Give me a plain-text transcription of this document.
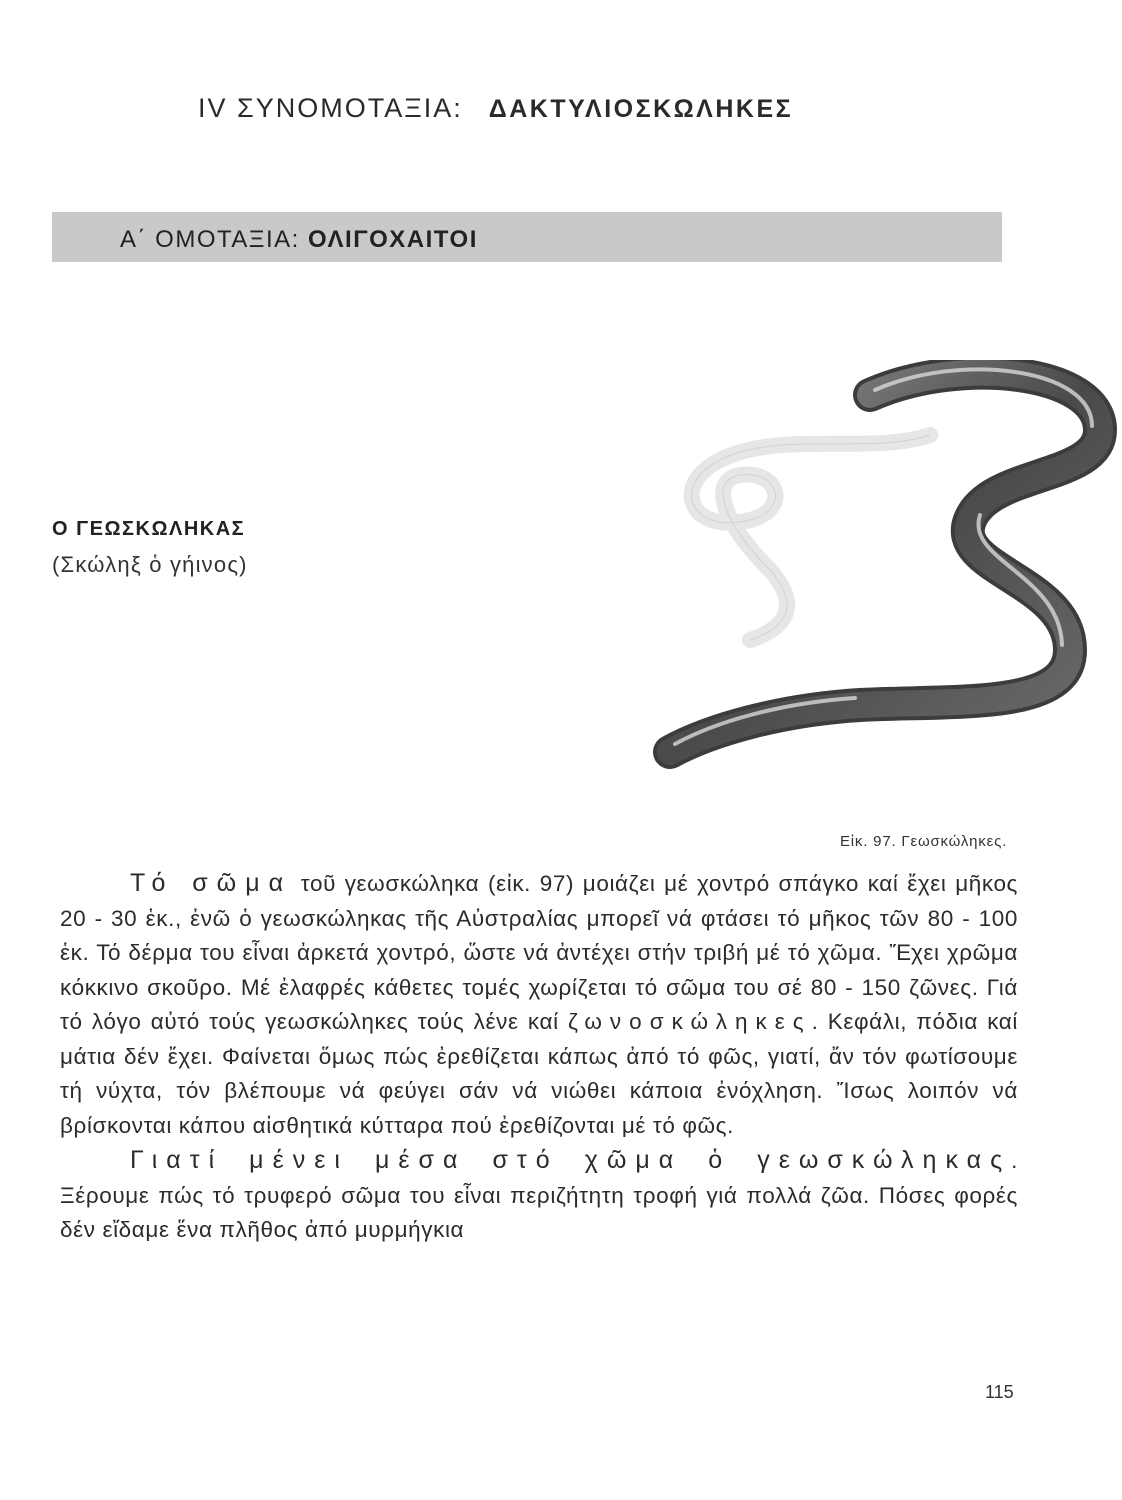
IV ΣΥΝΟΜΟΤΑΞΙΑ: ΔΑΚΤΥΛΙΟΣΚΩΛΗΚΕΣ
Α΄ ΟΜΟΤΑΞΙΑ: ΟΛΙΓΟΧΑΙΤΟΙ
Ο ΓΕΩΣΚΩΛΗΚΑΣ
(Σκώληξ ὁ γήινος)
Εἰκ. 97. Γεωσκώληκες.

Τό σῶμα τοῦ γεωσκώληκα (εἰκ. 97) μοιάζει μέ χοντρό σπάγκο καί ἔχει μῆκος 20 - 30 ἑκ., ἐνῶ ὁ γεωσκώληκας τῆς Αὐστραλίας μπορεῖ νά φτάσει τό μῆκος τῶν 80 - 100 ἑκ. Τό δέρμα του εἶναι ἀρκετά χοντρό, ὥστε νά ἀντέχει στήν τριβή μέ τό χῶμα. Ἔχει χρῶμα κόκκινο σκοῦρο. Μέ ἐλαφρές κάθετες τομές χωρίζεται τό σῶμα του σέ 80 - 150 ζῶνες. Γιά τό λόγο αὐτό τούς γεωσκώληκες τούς λένε καί ζωνοσκώληκες. Κεφάλι, πόδια καί μάτια δέν ἔχει. Φαίνεται ὅμως πώς ἐρεθίζεται κάπως ἀπό τό φῶς, γιατί, ἄν τόν φωτίσουμε τή νύχτα, τόν βλέπουμε νά φεύγει σάν νά νιώθει κάποια ἐνόχληση. Ἴσως λοιπόν νά βρίσκονται κάπου αἰσθητικά κύτταρα πού ἐρεθίζονται μέ τό φῶς.

Γιατί μένει μέσα στό χῶμα ὁ γεωσκώληκας. Ξέρουμε πώς τό τρυφερό σῶμα του εἶναι περιζήτητη τροφή γιά πολλά ζῶα. Πόσες φορές δέν εἴδαμε ἕνα πλῆθος ἀπό μυρμήγκια

115
